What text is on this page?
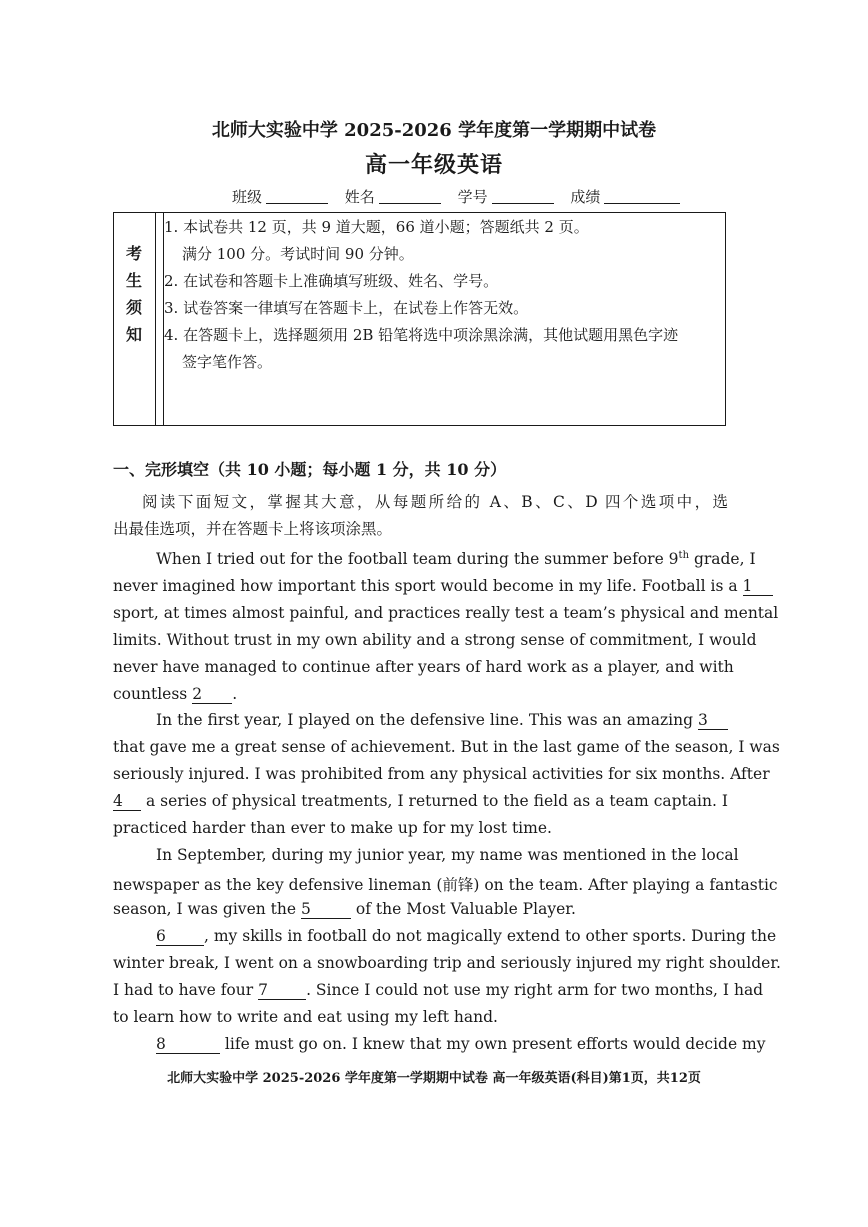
北师大实验中学 2025-2026 学年度第一学期期中试卷
高一年级英语
班级	姓名	学号	成绩
考
生
须
知
1. 本试卷共 12 页，共 9 道大题，66 道小题；答题纸共 2 页。
满分 100 分。考试时间 90 分钟。
2. 在试卷和答题卡上准确填写班级、姓名、学号。
3. 试卷答案一律填写在答题卡上，在试卷上作答无效。
4. 在答题卡上，选择题须用 2B 铅笔将选中项涂黑涂满，其他试题用黑色字迹
签字笔作答。
一、完形填空（共 10 小题；每小题 1 分，共 10 分）
阅读下面短文，掌握其大意，从每题所给的 A、B、C、D 四个选项中，选
出最佳选项，并在答题卡上将该项涂黑。
When I tried out for the football team during the summer before 9th grade, I
never imagined how important this sport would become in my life. Football is a 1
sport, at times almost painful, and practices really test a team’s physical and mental
limits. Without trust in my own ability and a strong sense of commitment, I would
never have managed to continue after years of hard work as a player, and with
countless 2 .
In the first year, I played on the defensive line. This was an amazing 3
that gave me a great sense of achievement. But in the last game of the season, I was
seriously injured. I was prohibited from any physical activities for six months. After
4 a series of physical treatments, I returned to the field as a team captain. I
practiced harder than ever to make up for my lost time.
In September, during my junior year, my name was mentioned in the local
newspaper as the key defensive lineman (前锋) on the team. After playing a fantastic
season, I was given the 5	of the Most Valuable Player.
6 , my skills in football do not magically extend to other sports. During the
winter break, I went on a snowboarding trip and seriously injured my right shoulder.
I had to have four 7 . Since I could not use my right arm for two months, I had
to learn how to write and eat using my left hand.
8	life must go on. I knew that my own present efforts would decide my
北师大实验中学 2025-2026 学年度第一学期期中试卷 高一年级英语(科目)第1页，共12页
